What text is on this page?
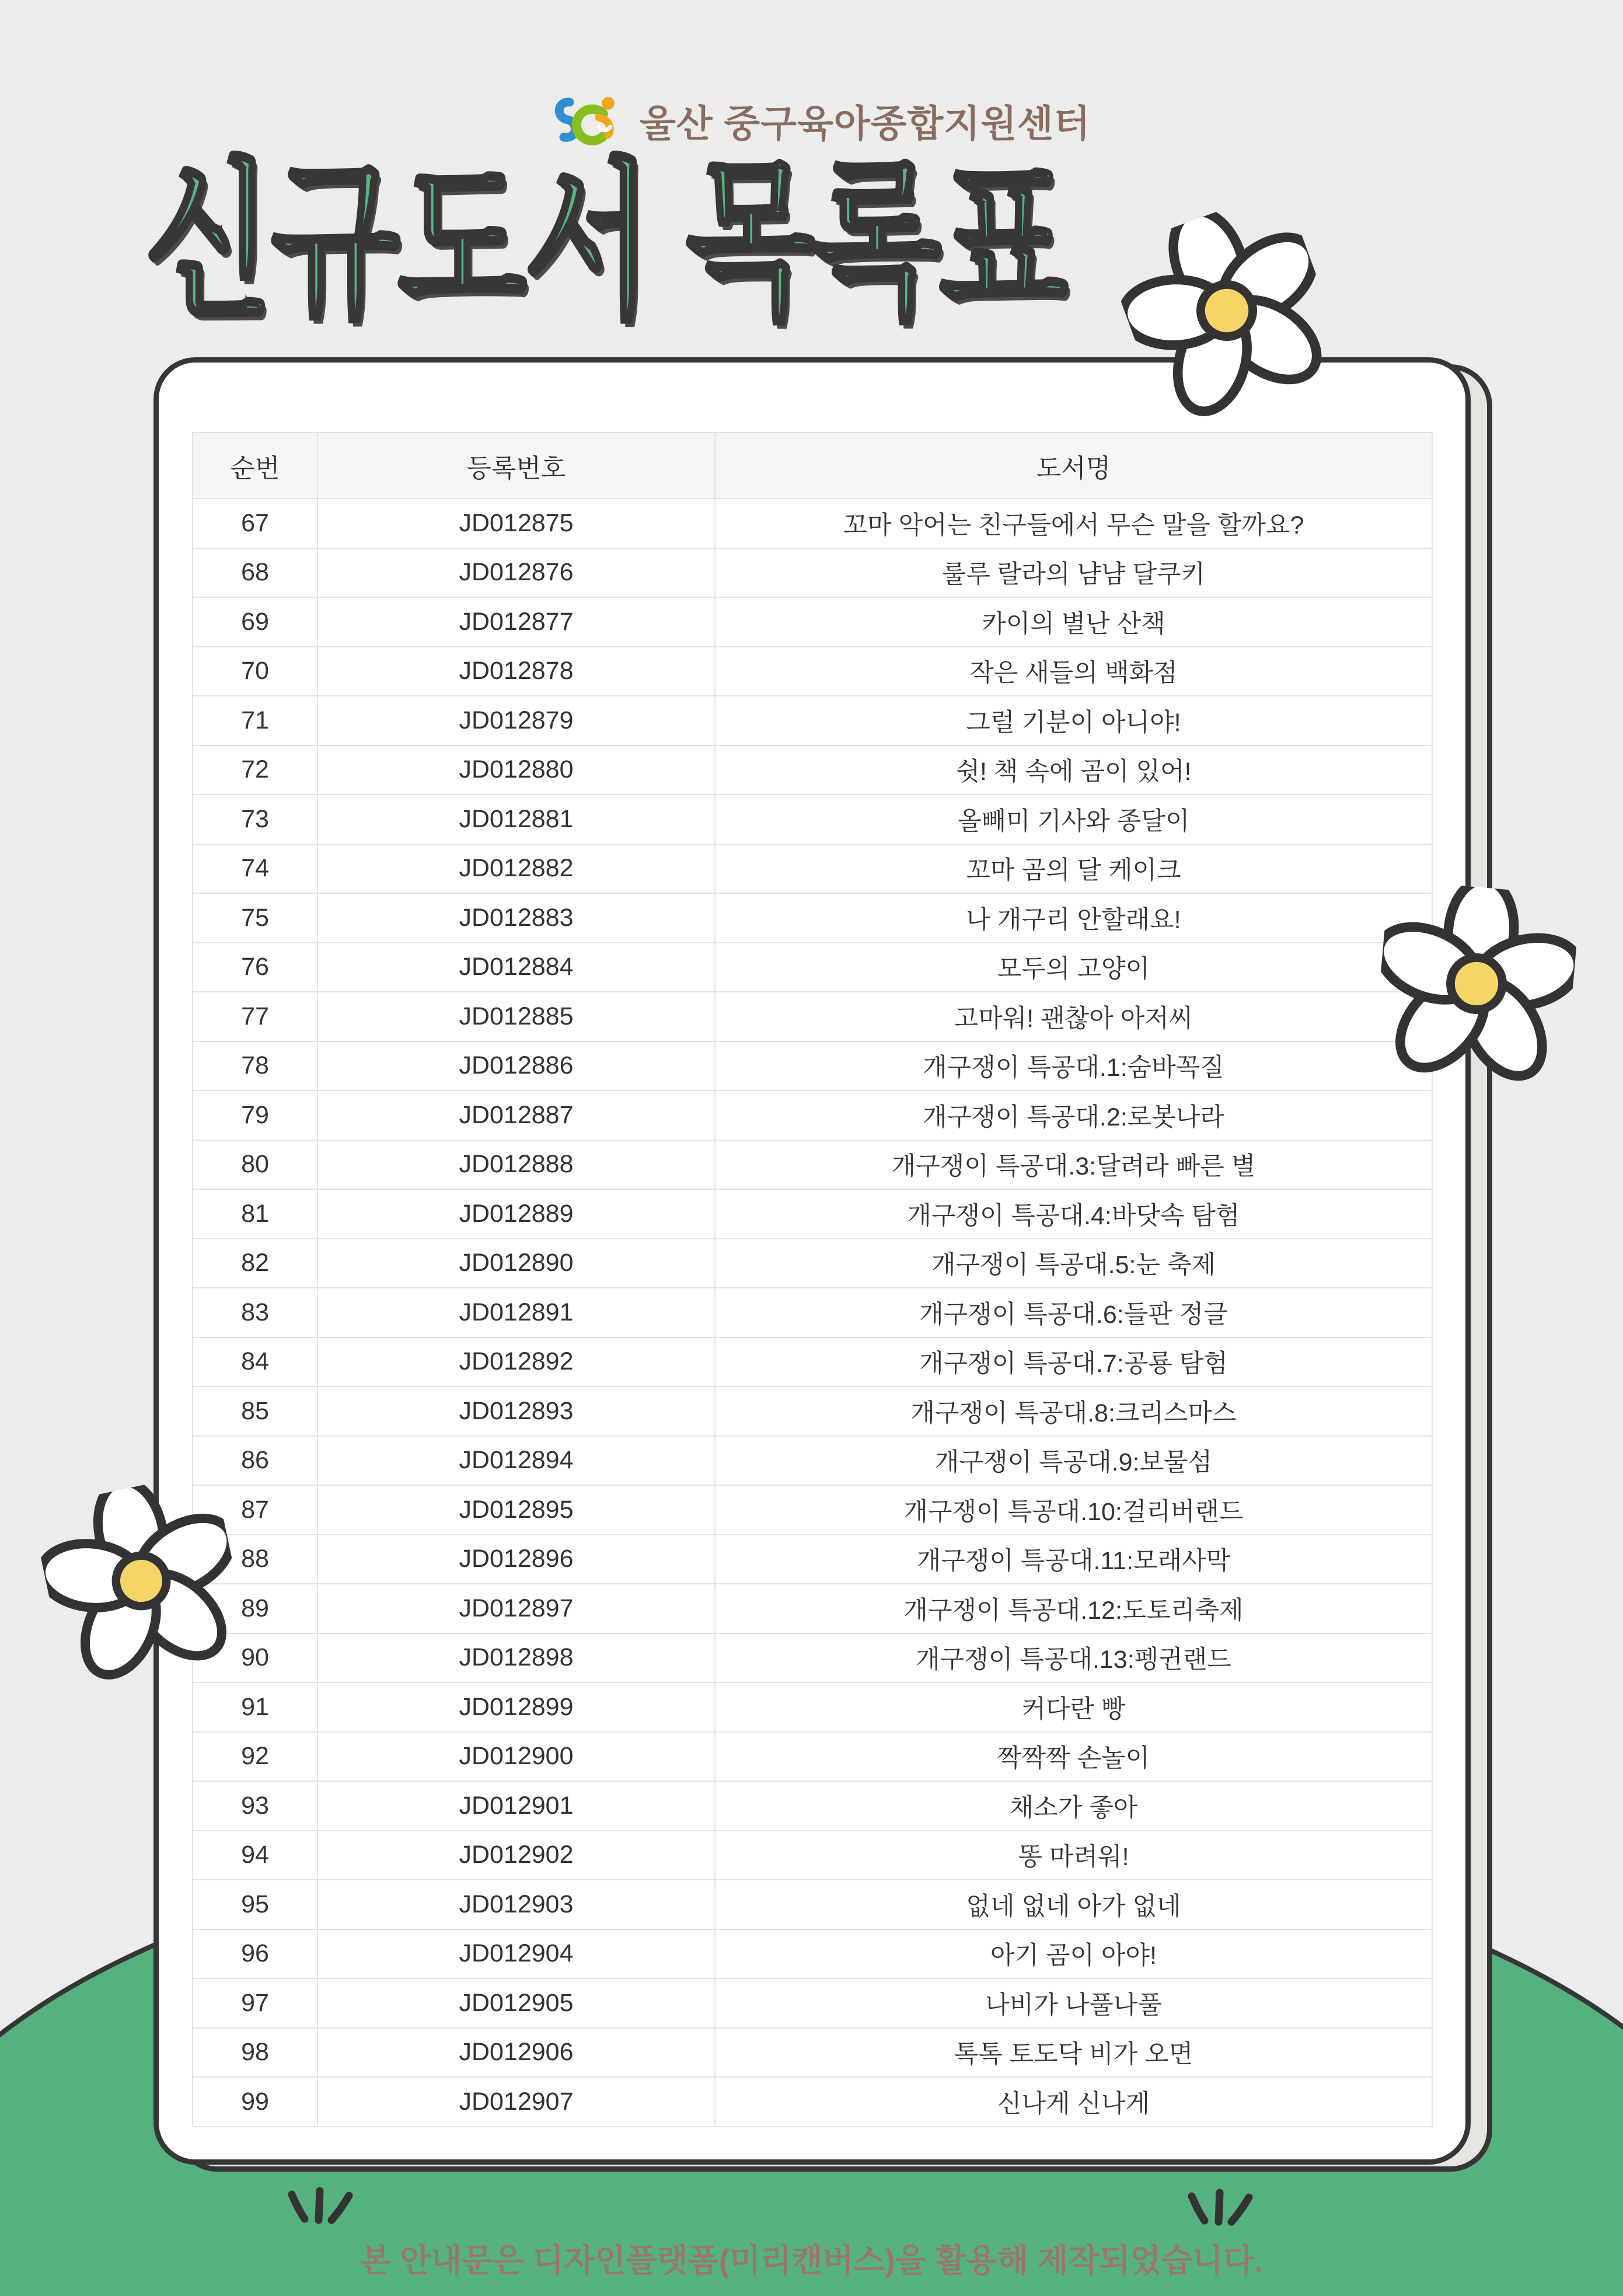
울산 중구육아종합지원센터
신규도서 목록표
순번	등록번호	도서명
67	JD012875	꼬마 악어는 친구들에서 무슨 말을 할까요?
68	JD012876	룰루 랄라의 냠냠 달쿠키
69	JD012877	카이의 별난 산책
70	JD012878	작은 새들의 백화점
71	JD012879	그럴 기분이 아니야!
72	JD012880	쉿! 책 속에 곰이 있어!
73	JD012881	올빼미 기사와 종달이
74	JD012882	꼬마 곰의 달 케이크
75	JD012883	나 개구리 안할래요!
76	JD012884	모두의 고양이
77	JD012885	고마워! 괜찮아 아저씨
78	JD012886	개구쟁이 특공대.1:숨바꼭질
79	JD012887	개구쟁이 특공대.2:로봇나라
80	JD012888	개구쟁이 특공대.3:달려라 빠른 별
81	JD012889	개구쟁이 특공대.4:바닷속 탐험
82	JD012890	개구쟁이 특공대.5:눈 축제
83	JD012891	개구쟁이 특공대.6:들판 정글
84	JD012892	개구쟁이 특공대.7:공룡 탐험
85	JD012893	개구쟁이 특공대.8:크리스마스
86	JD012894	개구쟁이 특공대.9:보물섬
87	JD012895	개구쟁이 특공대.10:걸리버랜드
88	JD012896	개구쟁이 특공대.11:모래사막
89	JD012897	개구쟁이 특공대.12:도토리축제
90	JD012898	개구쟁이 특공대.13:펭귄랜드
91	JD012899	커다란 빵
92	JD012900	짝짝짝 손놀이
93	JD012901	채소가 좋아
94	JD012902	똥 마려워!
95	JD012903	없네 없네 아가 없네
96	JD012904	아기 곰이 아야!
97	JD012905	나비가 나풀나풀
98	JD012906	톡톡 토도닥 비가 오면
99	JD012907	신나게 신나게
본 안내문은 디자인플랫폼(미리캔버스)을 활용해 제작되었습니다.
